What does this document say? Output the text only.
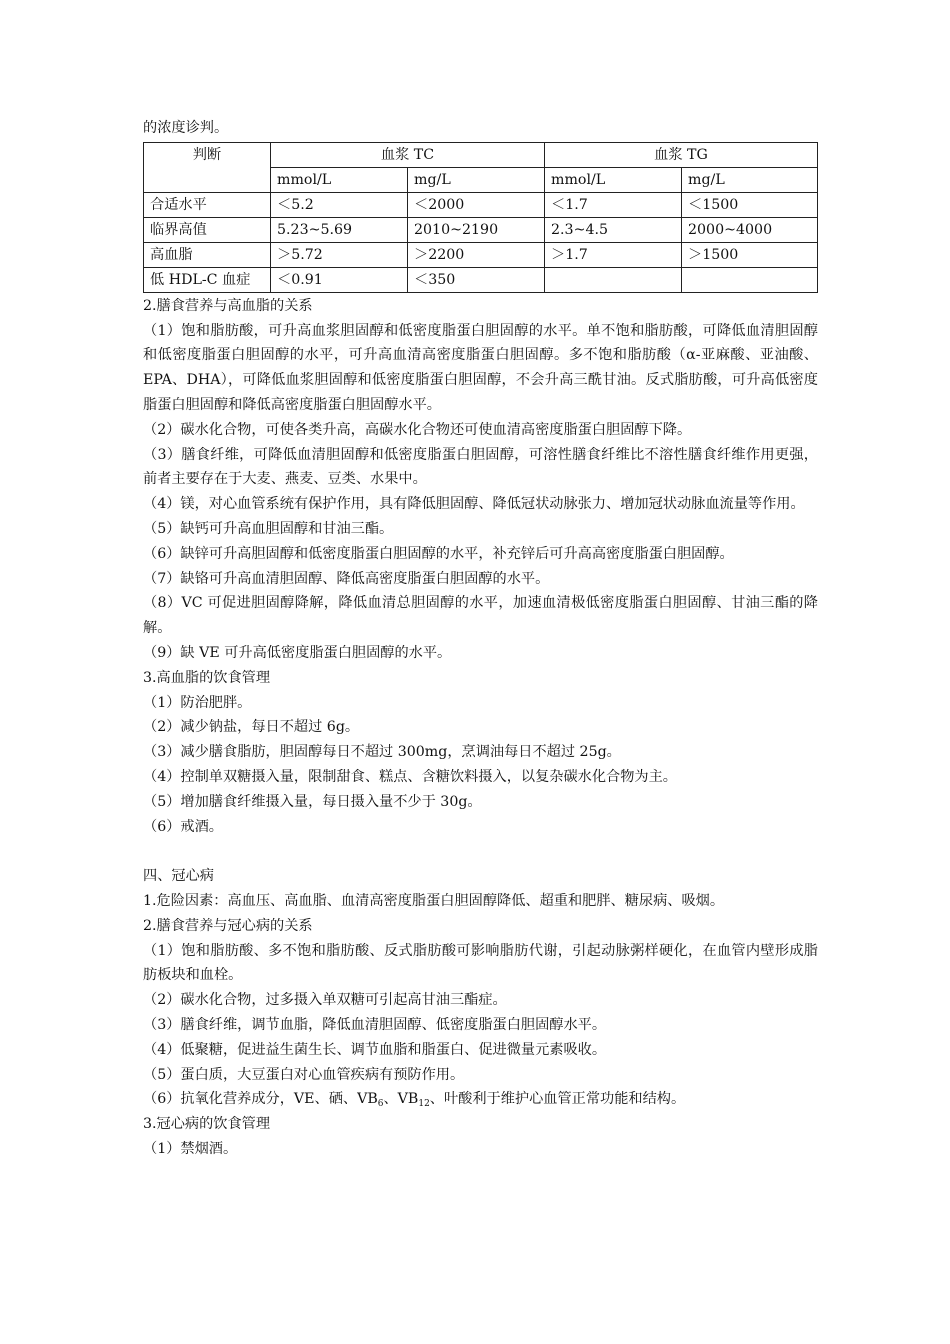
的浓度诊判。
判断	血浆 TC		血浆 TG	
	mmol/L	mg/L	mmol/L	mg/L
合适水平	＜5.2	＜2000	＜1.7	＜1500
临界高值	5.23~5.69	2010~2190	2.3~4.5	2000~4000
高血脂	＞5.72	＞2200	＞1.7	＞1500
低 HDL-C 血症	＜0.91	＜350		
2.膳食营养与高血脂的关系
（1）饱和脂肪酸，可升高血浆胆固醇和低密度脂蛋白胆固醇的水平。单不饱和脂肪酸，可降低血清胆固醇和低密度脂蛋白胆固醇的水平，可升高血清高密度脂蛋白胆固醇。多不饱和脂肪酸（α-亚麻酸、亚油酸、EPA、DHA），可降低血浆胆固醇和低密度脂蛋白胆固醇，不会升高三酰甘油。反式脂肪酸，可升高低密度脂蛋白胆固醇和降低高密度脂蛋白胆固醇水平。
（2）碳水化合物，可使各类升高，高碳水化合物还可使血清高密度脂蛋白胆固醇下降。
（3）膳食纤维，可降低血清胆固醇和低密度脂蛋白胆固醇，可溶性膳食纤维比不溶性膳食纤维作用更强，前者主要存在于大麦、燕麦、豆类、水果中。
（4）镁，对心血管系统有保护作用，具有降低胆固醇、降低冠状动脉张力、增加冠状动脉血流量等作用。
（5）缺钙可升高血胆固醇和甘油三酯。
（6）缺锌可升高胆固醇和低密度脂蛋白胆固醇的水平，补充锌后可升高高密度脂蛋白胆固醇。
（7）缺铬可升高血清胆固醇、降低高密度脂蛋白胆固醇的水平。
（8）VC 可促进胆固醇降解，降低血清总胆固醇的水平，加速血清极低密度脂蛋白胆固醇、甘油三酯的降解。
（9）缺 VE 可升高低密度脂蛋白胆固醇的水平。
3.高血脂的饮食管理
（1）防治肥胖。
（2）减少钠盐，每日不超过 6g。
（3）减少膳食脂肪，胆固醇每日不超过 300mg，烹调油每日不超过 25g。
（4）控制单双糖摄入量，限制甜食、糕点、含糖饮料摄入，以复杂碳水化合物为主。
（5）增加膳食纤维摄入量，每日摄入量不少于 30g。
（6）戒酒。
四、冠心病
1.危险因素：高血压、高血脂、血清高密度脂蛋白胆固醇降低、超重和肥胖、糖尿病、吸烟。
2.膳食营养与冠心病的关系
（1）饱和脂肪酸、多不饱和脂肪酸、反式脂肪酸可影响脂肪代谢，引起动脉粥样硬化，在血管内壁形成脂肪板块和血栓。
（2）碳水化合物，过多摄入单双糖可引起高甘油三酯症。
（3）膳食纤维，调节血脂，降低血清胆固醇、低密度脂蛋白胆固醇水平。
（4）低聚糖，促进益生菌生长、调节血脂和脂蛋白、促进微量元素吸收。
（5）蛋白质，大豆蛋白对心血管疾病有预防作用。
（6）抗氧化营养成分，VE、硒、$VB_6$、$VB_{12}$、叶酸利于维护心血管正常功能和结构。
3.冠心病的饮食管理
（1）禁烟酒。
